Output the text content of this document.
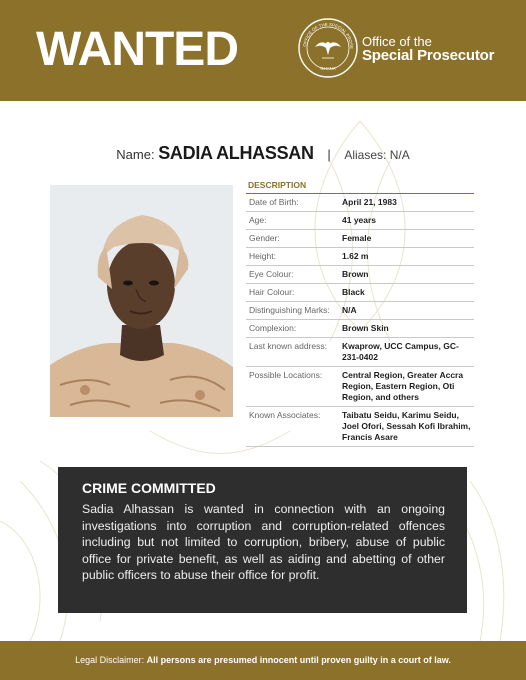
WANTED	OFFICE OF THE SPECIAL PROSE
GHANA
Office of the
Special Prosecutor
Name: SADIA ALHASSAN | Aliases: N/A
DESCRIPTION
Date of Birth:	April 21, 1983
Age:	41 years
Gender:	Female
Height:	1.62 m
Eye Colour:	Brown
Hair Colour:	Black
Distinguishing Marks:	N/A
Complexion:	Brown Skin
Last known address:	Kwaprow, UCC Campus, GC-231-0402
Possible Locations:	Central Region, Greater Accra Region, Eastern Region, Oti Region, and others
Known Associates:	Taibatu Seidu, Karimu Seidu, Joel Ofori, Sessah Kofi Ibrahim, Francis Asare
CRIME COMMITTED

Sadia Alhassan is wanted in connection with an ongoing investigations into corruption and corruption-related offences including but not limited to corruption, bribery, abuse of public office for private benefit, as well as aiding and abetting of other public officers to abuse their office for profit.

Legal Disclaimer: All persons are presumed innocent until proven guilty in a court of law.
